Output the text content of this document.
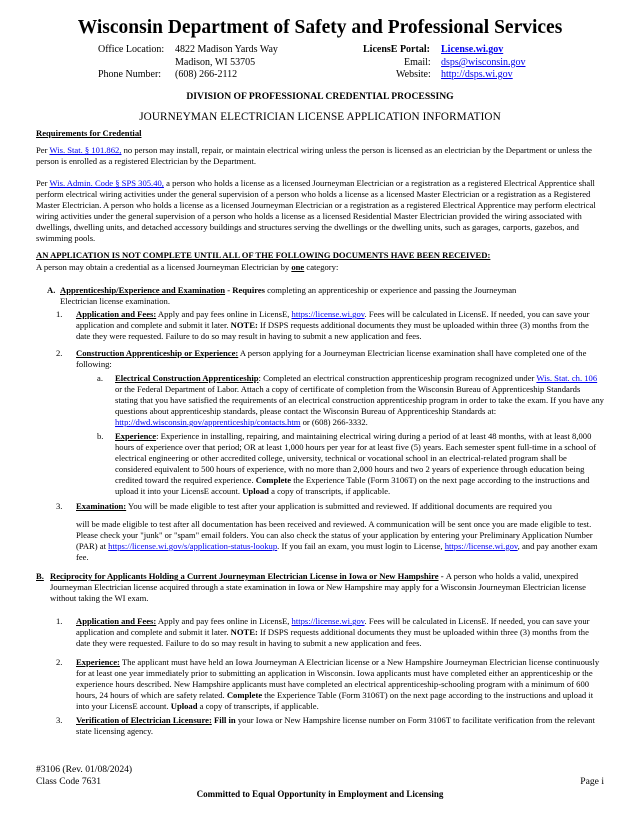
Wisconsin Department of Safety and Professional Services
Office Location: 4822 Madison Yards Way
Madison, WI 53705
Phone Number: (608) 266-2112
LicensE Portal: License.wi.gov
Email: dsps@wisconsin.gov
Website: http://dsps.wi.gov
DIVISION OF PROFESSIONAL CREDENTIAL PROCESSING
JOURNEYMAN ELECTRICIAN LICENSE APPLICATION INFORMATION
Requirements for Credential

Per Wis. Stat. § 101.862, no person may install, repair, or maintain electrical wiring unless the person is licensed as an electrician by the Department or unless the person is enrolled as a registered Electrician by the Department.

Per Wis. Admin. Code § SPS 305.40, a person who holds a license as a licensed Journeyman Electrician or a registration as a registered Electrical Apprentice shall perform electrical wiring activities under the general supervision of a person who holds a license as a licensed Master Electrician or a registration as a Registered Master Electrician. A person who holds a license as a licensed Journeyman Electrician or a registration as a registered Electrical Apprentice may perform electrical wiring activities under the general supervision of a person who holds a license as a licensed Residential Master Electrician provided the wiring associated with dwellings, dwelling units, and detached accessory buildings and structures serving the dwellings or the dwelling units, such as garages, carports, gazebos, and swimming pools.

AN APPLICATION IS NOT COMPLETE UNTIL ALL OF THE FOLLOWING DOCUMENTS HAVE BEEN RECEIVED:

A person may obtain a credential as a licensed Journeyman Electrician by one category:

A. Apprenticeship/Experience and Examination - Requires completing an apprenticeship or experience and passing the Journeyman
Electrician license examination.

1. Application and Fees: Apply and pay fees online in LicensE, https://license.wi.gov. Fees will be calculated in LicensE. If needed, you can save your application and complete and submit it later. NOTE: If DSPS requests additional documents they must be uploaded within three (3) months from the date they were requested. Failure to do so may result in having to submit a new application and fees.

2. Construction Apprenticeship or Experience: A person applying for a Journeyman Electrician license examination shall have completed one of the following:

a. Electrical Construction Apprenticeship: Completed an electrical construction apprenticeship program recognized under Wis. Stat. ch. 106 or the Federal Department of Labor. Attach a copy of certificate of completion from the Wisconsin Bureau of Apprenticeship Standards stating that you have satisfied the requirements of an electrical construction apprenticeship program in order to take the exam. If you have any questions about apprenticeship standards, please contact the Wisconsin Bureau of Apprenticeship Standards at: http://dwd.wisconsin.gov/apprenticeship/contacts.htm or (608) 266-3332.

b. Experience: Experience in installing, repairing, and maintaining electrical wiring during a period of at least 48 months, with at least 8,000 hours of experience over that period; OR at least 1,000 hours per year for at least five (5) years. Each semester spent full-time in a school of electrical engineering or other accredited college, university, technical or vocational school in an electrical-related program shall be considered equivalent to 500 hours of experience, with no more than 2,000 hours and two 2 years of experience through education being credited toward the required experience. Complete the Experience Table (Form 3106T) on the next page according to the instructions and upload it into your LicensE account. Upload a copy of transcripts, if applicable.

3. Examination: You will be made eligible to test after your application is submitted and reviewed. If additional documents are required you

will be made eligible to test after all documentation has been received and reviewed. A communication will be sent once you are made eligible to test. Please check your "junk" or "spam" email folders. You can also check the status of your application by entering your Preliminary Application Number (PAR) at https://license.wi.gov/s/application-status-lookup. If you fail an exam, you must login to License, https://license.wi.gov, and pay another exam fee.

B. Reciprocity for Applicants Holding a Current Journeyman Electrician License in Iowa or New Hampshire - A person who holds a valid, unexpired Journeyman Electrician license acquired through a state examination in Iowa or New Hampshire may apply for a Wisconsin Journeyman Electrician license without taking the WI exam.

1. Application and Fees: Apply and pay fees online in LicensE, https://license.wi.gov. Fees will be calculated in LicensE. If needed, you can save your application and complete and submit it later. NOTE: If DSPS requests additional documents they must be uploaded within three (3) months from the date they were requested. Failure to do so may result in having to submit a new application and fees.

2. Experience: The applicant must have held an Iowa Journeyman A Electrician license or a New Hampshire Journeyman Electrician license continuously for at least one year immediately prior to submitting an application in Wisconsin. Iowa applicants must have completed either an apprenticeship or the experience hours described. New Hampshire applicants must have completed an electrical apprenticeship-schooling program with a minimum of 600 hours, 24 hours of which are safety related. Complete the Experience Table (Form 3106T) on the next page according to the instructions and upload it into your LicensE account. Upload a copy of transcripts, if applicable.

3. Verification of Electrician Licensure: Fill in your Iowa or New Hampshire license number on Form 3106T to facilitate verification from the relevant state licensing agency.

#3106 (Rev. 01/08/2024)
Class Code 7631	Page i
Committed to Equal Opportunity in Employment and Licensing
